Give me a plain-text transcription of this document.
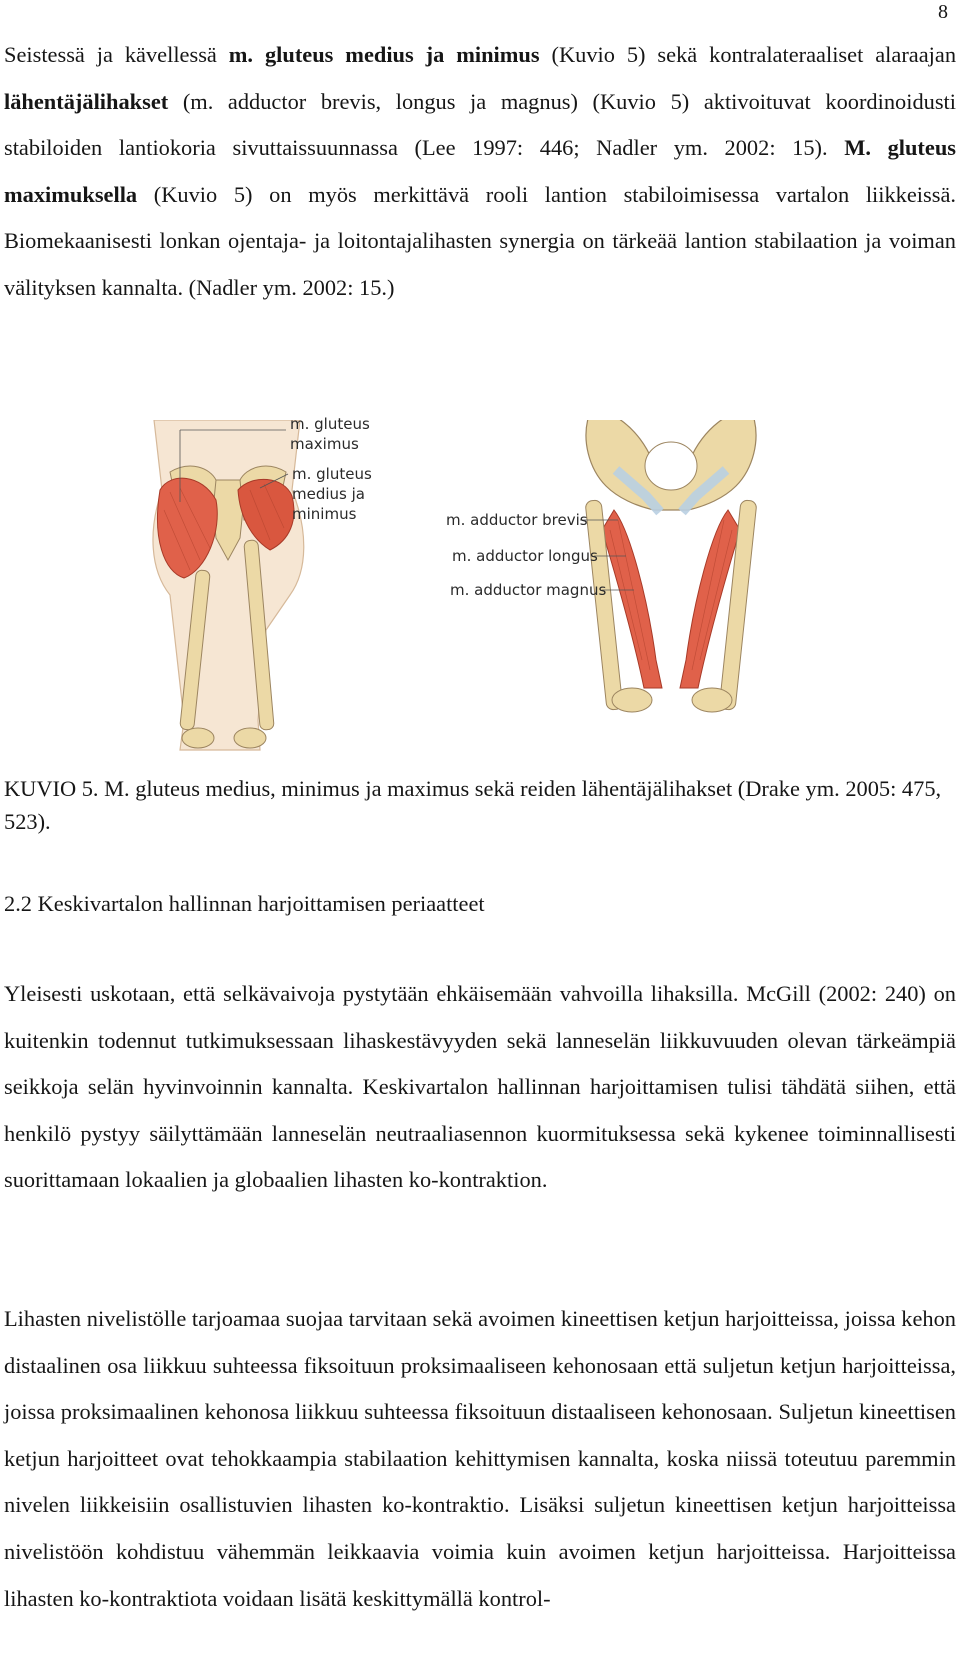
8

Seistessä ja kävellessä m. gluteus medius ja minimus (Kuvio 5) sekä kontralateraaliset alaraajan lähentäjälihakset (m. adductor brevis, longus ja magnus) (Kuvio 5) aktivoituvat koordinoidusti stabiloiden lantiokoria sivuttaissuunnassa (Lee 1997: 446; Nadler ym. 2002: 15). M. gluteus maximuksella (Kuvio 5) on myös merkittävä rooli lantion stabiloimisessa vartalon liikkeissä. Biomekaanisesti lonkan ojentaja- ja loitontajalihasten synergia on tärkeää lantion stabilaation ja voiman välityksen kannalta. (Nadler ym. 2002: 15.)

m. gluteus
maximus
m. gluteus
medius ja
minimus	m. adductor brevis
m. adductor longus
m. adductor magnus

KUVIO 5. M. gluteus medius, minimus ja maximus sekä reiden lähentäjälihakset (Drake ym. 2005: 475, 523).

2.2 Keskivartalon hallinnan harjoittamisen periaatteet

Yleisesti uskotaan, että selkävaivoja pystytään ehkäisemään vahvoilla lihaksilla. McGill (2002: 240) on kuitenkin todennut tutkimuksessaan lihaskestävyyden sekä lanneselän liikkuvuuden olevan tärkeämpiä seikkoja selän hyvinvoinnin kannalta. Keskivartalon hallinnan harjoittamisen tulisi tähdätä siihen, että henkilö pystyy säilyttämään lanneselän neutraaliasennon kuormituksessa sekä kykenee toiminnallisesti suorittamaan lokaalien ja globaalien lihasten ko-kontraktion.

Lihasten nivelistölle tarjoamaa suojaa tarvitaan sekä avoimen kineettisen ketjun harjoitteissa, joissa kehon distaalinen osa liikkuu suhteessa fiksoituun proksimaaliseen kehonosaan että suljetun ketjun harjoitteissa, joissa proksimaalinen kehonosa liikkuu suhteessa fiksoituun distaaliseen kehonosaan. Suljetun kineettisen ketjun harjoitteet ovat tehokkaampia stabilaation kehittymisen kannalta, koska niissä toteutuu paremmin nivelen liikkeisiin osallistuvien lihasten ko-kontraktio. Lisäksi suljetun kineettisen ketjun harjoitteissa nivelistöön kohdistuu vähemmän leikkaavia voimia kuin avoimen ketjun harjoitteissa. Harjoitteissa lihasten ko-kontraktiota voidaan lisätä keskittymällä kontrol-
